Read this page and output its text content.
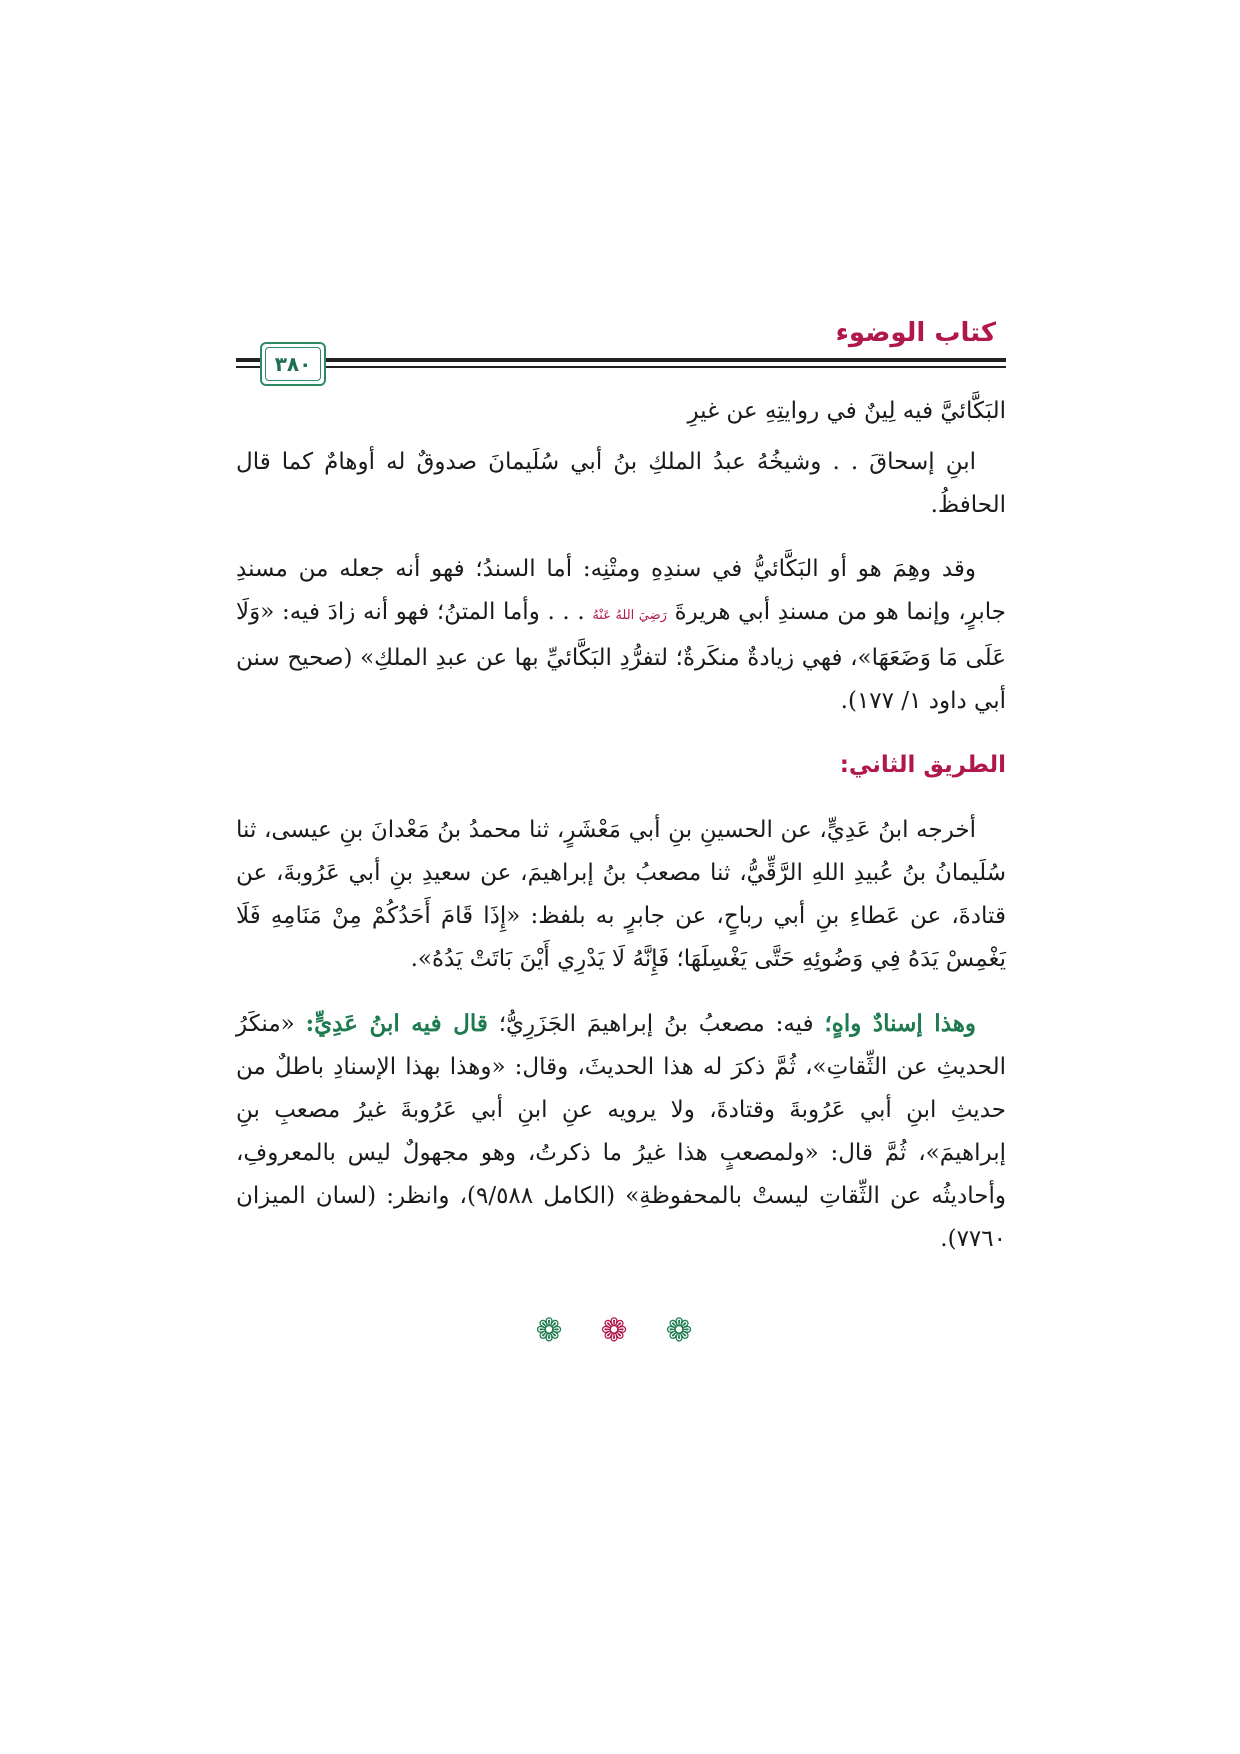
كتاب الوضوء
٣٨٠

البَكَّائيَّ فيه لِينٌ في روايتِهِ عن غيرِ

ابنِ إسحاقَ . . وشيخُهُ عبدُ الملكِ بنُ أبي سُلَيمانَ صدوقٌ له أوهامٌ كما قال الحافظُ.

وقد وهِمَ هو أو البَكَّائيُّ في سندِهِ ومتْنِه: أما السندُ؛ فهو أنه جعله من مسندِ جابرٍ، وإنما هو من مسندِ أبي هريرةَ رَضِيَ اللهُ عَنْهُ . . . وأما المتنُ؛ فهو أنه زادَ فيه: «وَلَا عَلَى مَا وَضَعَهَا»، فهي زيادةٌ منكَرةٌ؛ لتفرُّدِ البَكَّائيِّ بها عن عبدِ الملكِ» (صحيح سنن أبي داود ١/ ١٧٧).

الطريق الثاني:

أخرجه ابنُ عَدِيٍّ، عن الحسينِ بنِ أبي مَعْشَرٍ، ثنا محمدُ بنُ مَعْدانَ بنِ عيسى، ثنا سُلَيمانُ بنُ عُبيدِ اللهِ الرَّقِّيُّ، ثنا مصعبُ بنُ إبراهيمَ، عن سعيدِ بنِ أبي عَرُوبةَ، عن قتادةَ، عن عَطاءِ بنِ أبي رباحٍ، عن جابرٍ به بلفظ: «إِذَا قَامَ أَحَدُكُمْ مِنْ مَنَامِهِ فَلَا يَغْمِسْ يَدَهُ فِي وَضُوئِهِ حَتَّى يَغْسِلَهَا؛ فَإِنَّهُ لَا يَدْرِي أَيْنَ بَاتَتْ يَدُهُ».

وهذا إسنادٌ واهٍ؛ فيه: مصعبُ بنُ إبراهيمَ الجَزَرِيُّ؛ قال فيه ابنُ عَدِيٍّ: «منكَرُ الحديثِ عن الثِّقاتِ»، ثُمَّ ذكرَ له هذا الحديثَ، وقال: «وهذا بهذا الإسنادِ باطلٌ من حديثِ ابنِ أبي عَرُوبةَ وقتادةَ، ولا يرويه عنِ ابنِ أبي عَرُوبةَ غيرُ مصعبِ بنِ إبراهيمَ»، ثُمَّ قال: «ولمصعبٍ هذا غيرُ ما ذكرتُ، وهو مجهولٌ ليس بالمعروفِ، وأحاديثُه عن الثِّقاتِ ليستْ بالمحفوظةِ» (الكامل ٩/٥٨٨)، وانظر: (لسان الميزان ٧٧٦٠).

❁ ❁ ❁
